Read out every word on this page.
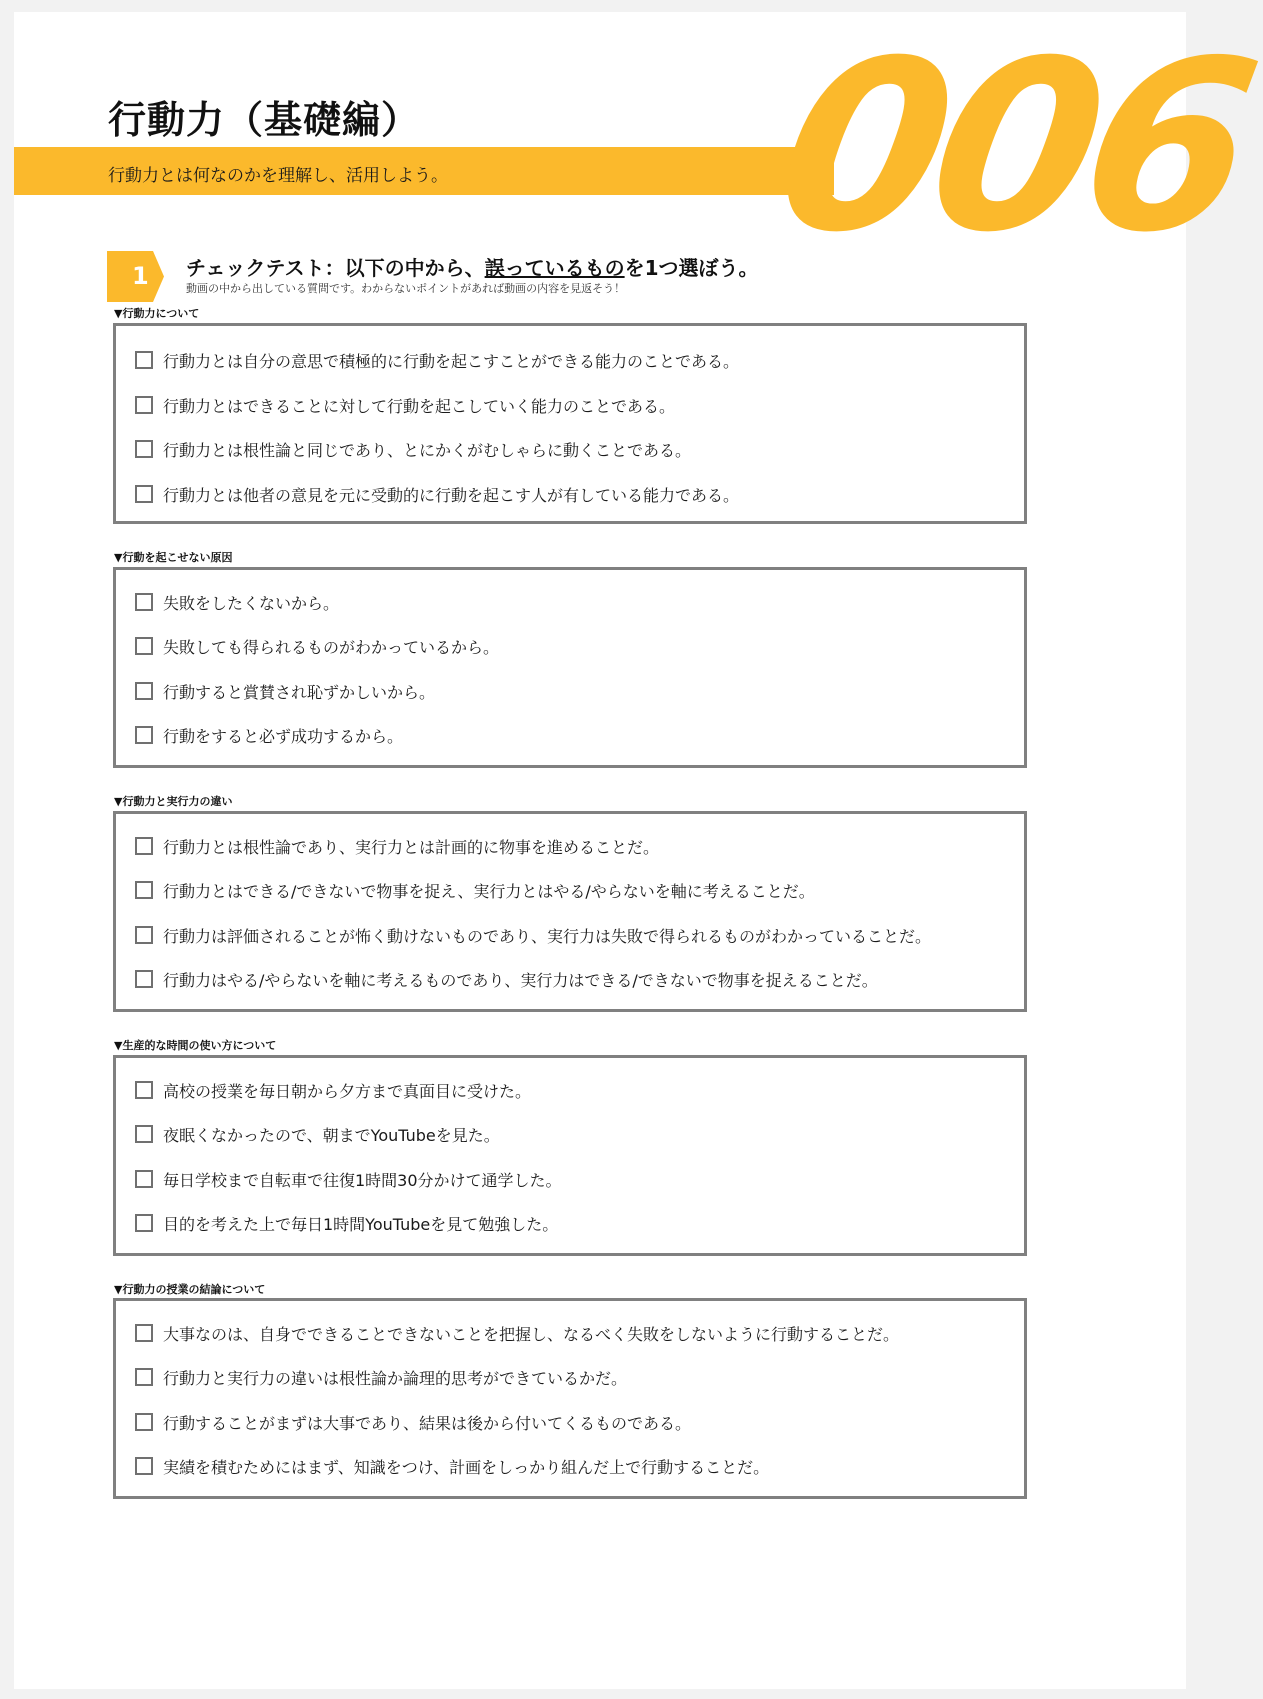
006
行動力（基礎編）
行動力とは何なのかを理解し、活用しよう。
1 チェックテスト：以下の中から、誤っているものを1つ選ぼう。
動画の中から出している質問です。わからないポイントがあれば動画の内容を見返そう！
▼行動力について
行動力とは自分の意思で積極的に行動を起こすことができる能力のことである。
行動力とはできることに対して行動を起こしていく能力のことである。
行動力とは根性論と同じであり、とにかくがむしゃらに動くことである。
行動力とは他者の意見を元に受動的に行動を起こす人が有している能力である。
▼行動を起こせない原因
失敗をしたくないから。
失敗しても得られるものがわかっているから。
行動すると賞賛され恥ずかしいから。
行動をすると必ず成功するから。
▼行動力と実行力の違い
行動力とは根性論であり、実行力とは計画的に物事を進めることだ。
行動力とはできる/できないで物事を捉え、実行力とはやる/やらないを軸に考えることだ。
行動力は評価されることが怖く動けないものであり、実行力は失敗で得られるものがわかっていることだ。
行動力はやる/やらないを軸に考えるものであり、実行力はできる/できないで物事を捉えることだ。
▼生産的な時間の使い方について
高校の授業を毎日朝から夕方まで真面目に受けた。
夜眠くなかったので、朝までYouTubeを見た。
毎日学校まで自転車で往復1時間30分かけて通学した。
目的を考えた上で毎日1時間YouTubeを見て勉強した。
▼行動力の授業の結論について
大事なのは、自身でできることできないことを把握し、なるべく失敗をしないように行動することだ。
行動力と実行力の違いは根性論か論理的思考ができているかだ。
行動することがまずは大事であり、結果は後から付いてくるものである。
実績を積むためにはまず、知識をつけ、計画をしっかり組んだ上で行動することだ。
